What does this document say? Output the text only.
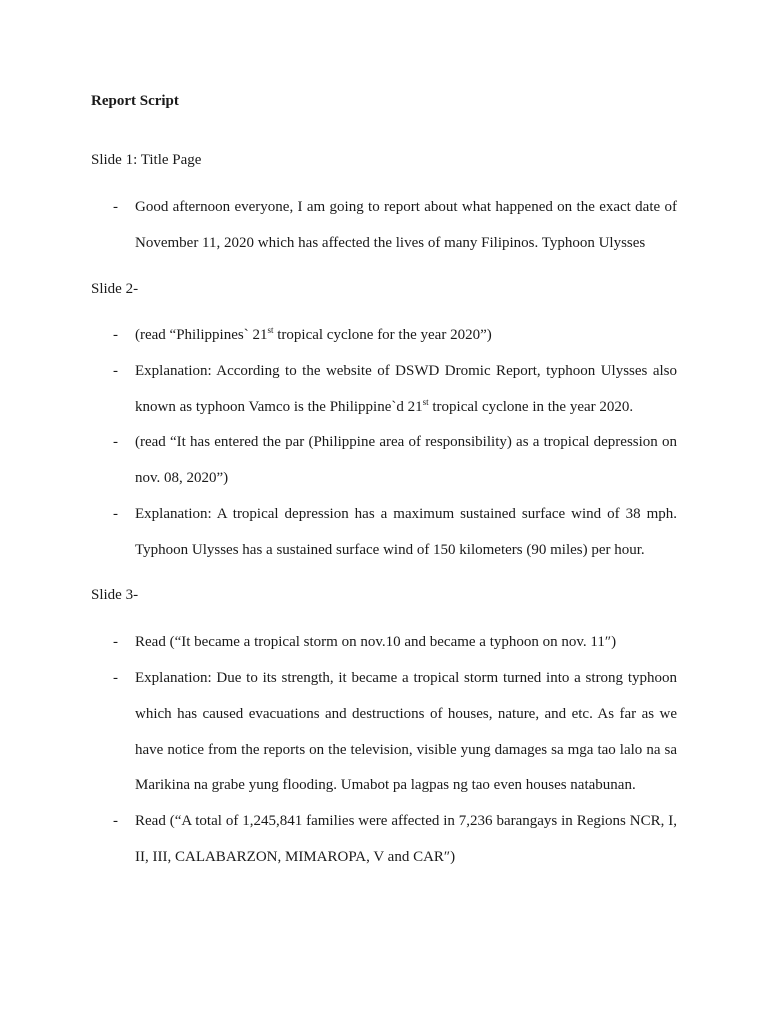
Report Script

Slide 1: Title Page

- Good afternoon everyone, I am going to report about what happened on the exact date of November 11, 2020 which has affected the lives of many Filipinos. Typhoon Ulysses

Slide 2-

- (read “Philippines` 21st tropical cyclone for the year 2020”)
- Explanation: According to the website of DSWD Dromic Report, typhoon Ulysses also known as typhoon Vamco is the Philippine`d 21st tropical cyclone in the year 2020.
- (read “It has entered the par (Philippine area of responsibility) as a tropical depression on nov. 08, 2020”)
- Explanation: A tropical depression has a maximum sustained surface wind of 38 mph. Typhoon Ulysses has a sustained surface wind of 150 kilometers (90 miles) per hour.

Slide 3-

- Read (“It became a tropical storm on nov.10 and became a typhoon on nov. 11″)
- Explanation: Due to its strength, it became a tropical storm turned into a strong typhoon which has caused evacuations and destructions of houses, nature, and etc. As far as we have notice from the reports on the television, visible yung damages sa mga tao lalo na sa Marikina na grabe yung flooding. Umabot pa lagpas ng tao even houses natabunan.
- Read (“A total of 1,245,841 families were affected in 7,236 barangays in Regions NCR, I, II, III, CALABARZON, MIMAROPA, V and CAR″)
